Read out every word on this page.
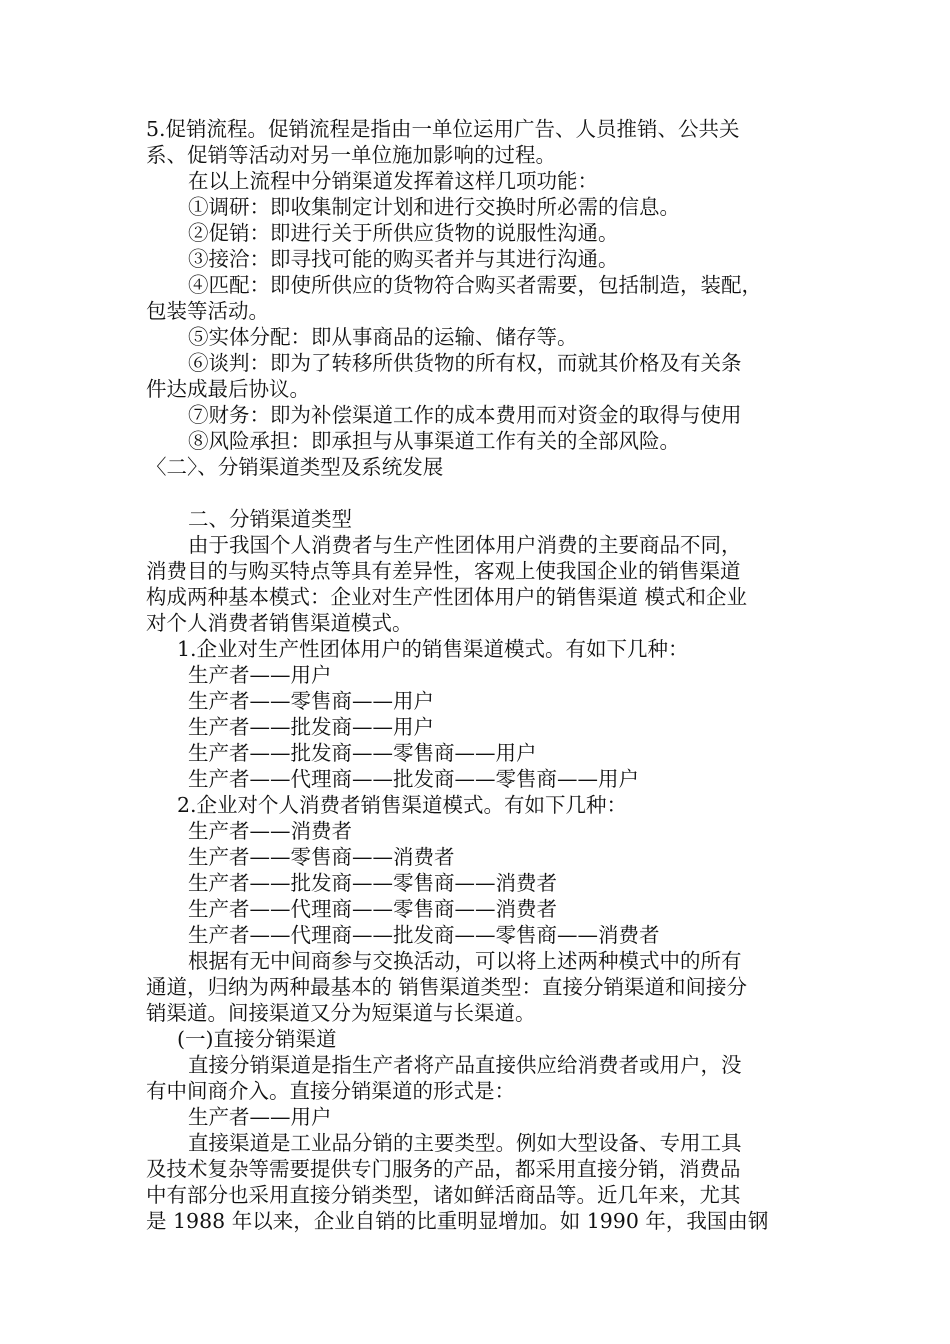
5.促销流程。促销流程是指由一单位运用广告、人员推销、公共关
系、促销等活动对另一单位施加影响的过程。
在以上流程中分销渠道发挥着这样几项功能：
①调研：即收集制定计划和进行交换时所必需的信息。
②促销：即进行关于所供应货物的说服性沟通。
③接洽：即寻找可能的购买者并与其进行沟通。
④匹配：即使所供应的货物符合购买者需要，包括制造，装配，
包装等活动。
⑤实体分配：即从事商品的运输、储存等。
⑥谈判：即为了转移所供货物的所有权，而就其价格及有关条
件达成最后协议。
⑦财务：即为补偿渠道工作的成本费用而对资金的取得与使用
⑧风险承担：即承担与从事渠道工作有关的全部风险。
〈二〉、分销渠道类型及系统发展
二、分销渠道类型
由于我国个人消费者与生产性团体用户消费的主要商品不同，
消费目的与购买特点等具有差异性，客观上使我国企业的销售渠道
构成两种基本模式：企业对生产性团体用户的销售渠道 模式和企业
对个人消费者销售渠道模式。
1.企业对生产性团体用户的销售渠道模式。有如下几种：
生产者——用户
生产者——零售商——用户
生产者——批发商——用户
生产者——批发商——零售商——用户
生产者——代理商——批发商——零售商——用户
2.企业对个人消费者销售渠道模式。有如下几种：
生产者——消费者
生产者——零售商——消费者
生产者——批发商——零售商——消费者
生产者——代理商——零售商——消费者
生产者——代理商——批发商——零售商——消费者
根据有无中间商参与交换活动，可以将上述两种模式中的所有
通道，归纳为两种最基本的 销售渠道类型：直接分销渠道和间接分
销渠道。间接渠道又分为短渠道与长渠道。
(一)直接分销渠道
直接分销渠道是指生产者将产品直接供应给消费者或用户，没
有中间商介入。直接分销渠道的形式是：
生产者——用户
直接渠道是工业品分销的主要类型。例如大型设备、专用工具
及技术复杂等需要提供专门服务的产品，都采用直接分销，消费品
中有部分也采用直接分销类型，诸如鲜活商品等。近几年来，尤其
是 1988 年以来，企业自销的比重明显增加。如 1990 年，我国由钢
